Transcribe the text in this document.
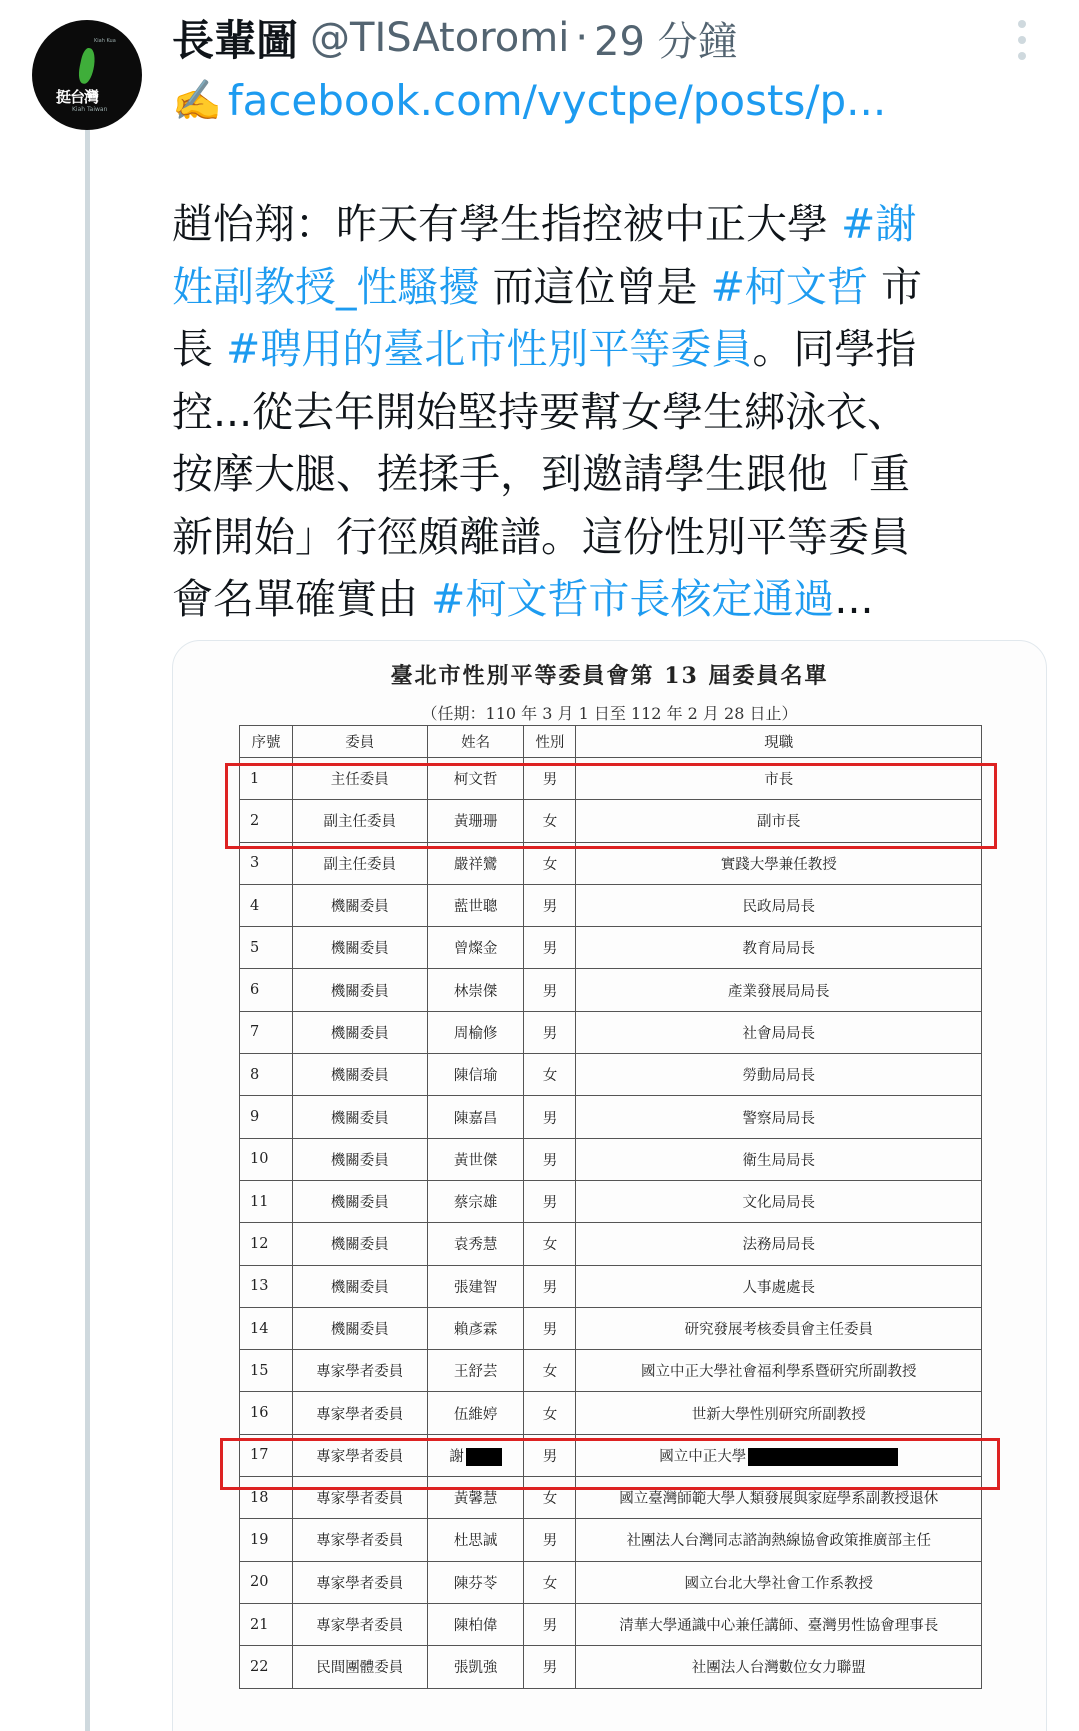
Kiah Kua
挺台灣
Kiah Taiwan
長輩圖 @TISAtoromi · 29 分鐘
✍️ facebook.com/vyctpe/posts/p...
趙怡翔：昨天有學生指控被中正大學 #謝
姓副教授_性騷擾 而這位曾是 #柯文哲 市
長 #聘用的臺北市性別平等委員。同學指
控...從去年開始堅持要幫女學生綁泳衣、
按摩大腿、搓揉手，到邀請學生跟他「重
新開始」行徑頗離譜。這份性別平等委員
會名單確實由 #柯文哲市長核定通過...
臺北市性別平等委員會第 13 屆委員名單
（任期：110 年 3 月 1 日至 112 年 2 月 28 日止）
序號	委員	姓名	性別	現職
1	主任委員	柯文哲	男	市長
2	副主任委員	黃珊珊	女	副市長
3	副主任委員	嚴祥鸞	女	實踐大學兼任教授
4	機關委員	藍世聰	男	民政局局長
5	機關委員	曾燦金	男	教育局局長
6	機關委員	林崇傑	男	產業發展局局長
7	機關委員	周榆修	男	社會局局長
8	機關委員	陳信瑜	女	勞動局局長
9	機關委員	陳嘉昌	男	警察局局長
10	機關委員	黃世傑	男	衛生局局長
11	機關委員	蔡宗雄	男	文化局局長
12	機關委員	袁秀慧	女	法務局局長
13	機關委員	張建智	男	人事處處長
14	機關委員	賴彥霖	男	研究發展考核委員會主任委員
15	專家學者委員	王舒芸	女	國立中正大學社會福利學系暨研究所副教授
16	專家學者委員	伍維婷	女	世新大學性別研究所副教授
17	專家學者委員	謝	男	國立中正大學
18	專家學者委員	黃馨慧	女	國立臺灣師範大學人類發展與家庭學系副教授退休
19	專家學者委員	杜思誠	男	社團法人台灣同志諮詢熱線協會政策推廣部主任
20	專家學者委員	陳芬苓	女	國立台北大學社會工作系教授
21	專家學者委員	陳柏偉	男	清華大學通識中心兼任講師、臺灣男性協會理事長
22	民間團體委員	張凱強	男	社團法人台灣數位女力聯盟
